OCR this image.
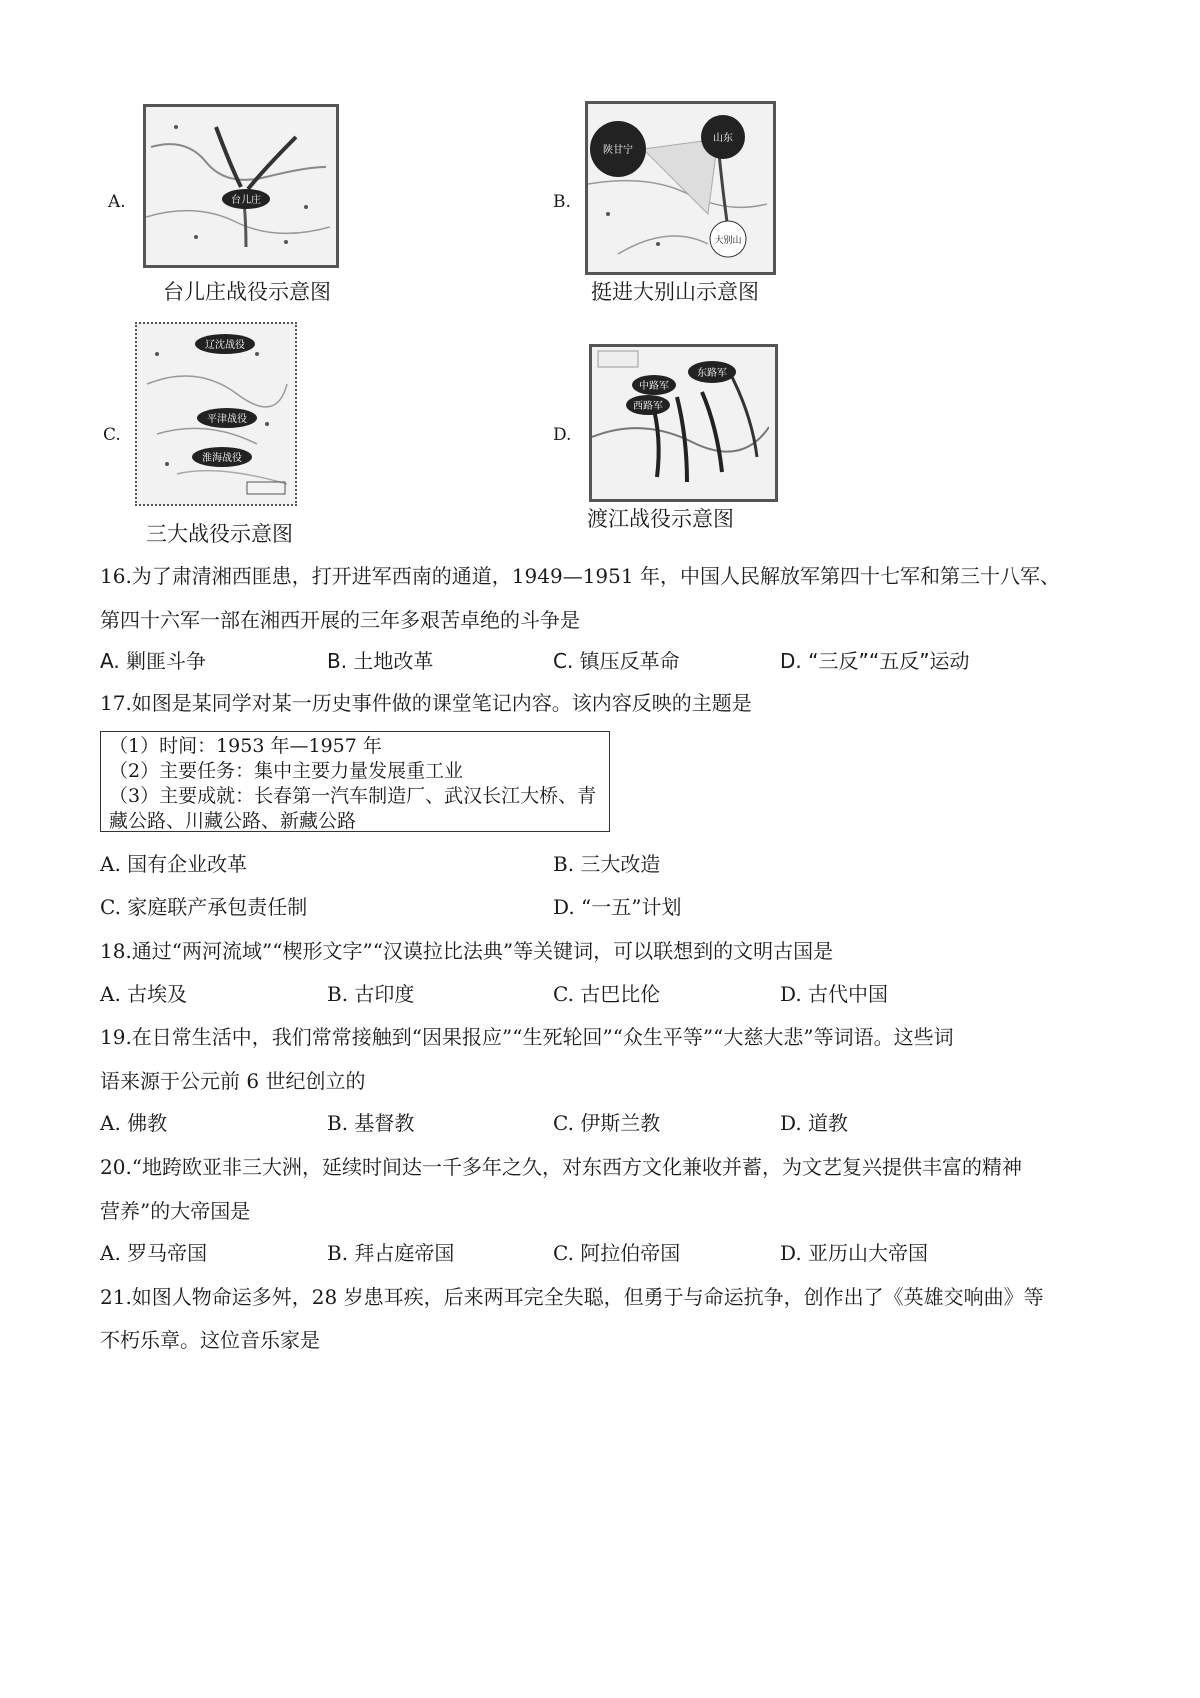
A.	台儿庄
台儿庄战役示意图
B.
陕甘宁
山东
大别山
挺进大别山示意图
C.
辽沈战役
平津战役
淮海战役
三大战役示意图
D.
东路军
中路军
西路军
渡江战役示意图
16.为了肃清湘西匪患，打开进军西南的通道，1949—1951 年，中国人民解放军第四十七军和第三十八军、
第四十六军一部在湘西开展的三年多艰苦卓绝的斗争是
A. 剿匪斗争	B. 土地改革	C. 镇压反革命	D. “三反”“五反”运动
17.如图是某同学对某一历史事件做的课堂笔记内容。该内容反映的主题是
（1）时间：1953 年—1957 年
（2）主要任务：集中主要力量发展重工业
（3）主要成就：长春第一汽车制造厂、武汉长江大桥、青
藏公路、川藏公路、新藏公路
A. 国有企业改革	B. 三大改造
C. 家庭联产承包责任制	D. “一五”计划
18.通过“两河流域”“楔形文字”“汉谟拉比法典”等关键词，可以联想到的文明古国是
A. 古埃及	B. 古印度	C. 古巴比伦	D. 古代中国
19.在日常生活中，我们常常接触到“因果报应”“生死轮回”“众生平等”“大慈大悲”等词语。这些词
语来源于公元前 6 世纪创立的
A. 佛教	B. 基督教	C. 伊斯兰教	D. 道教
20.“地跨欧亚非三大洲，延续时间达一千多年之久，对东西方文化兼收并蓄，为文艺复兴提供丰富的精神
营养”的大帝国是
A. 罗马帝国	B. 拜占庭帝国	C. 阿拉伯帝国	D. 亚历山大帝国
21.如图人物命运多舛，28 岁患耳疾，后来两耳完全失聪，但勇于与命运抗争，创作出了《英雄交响曲》等
不朽乐章。这位音乐家是
